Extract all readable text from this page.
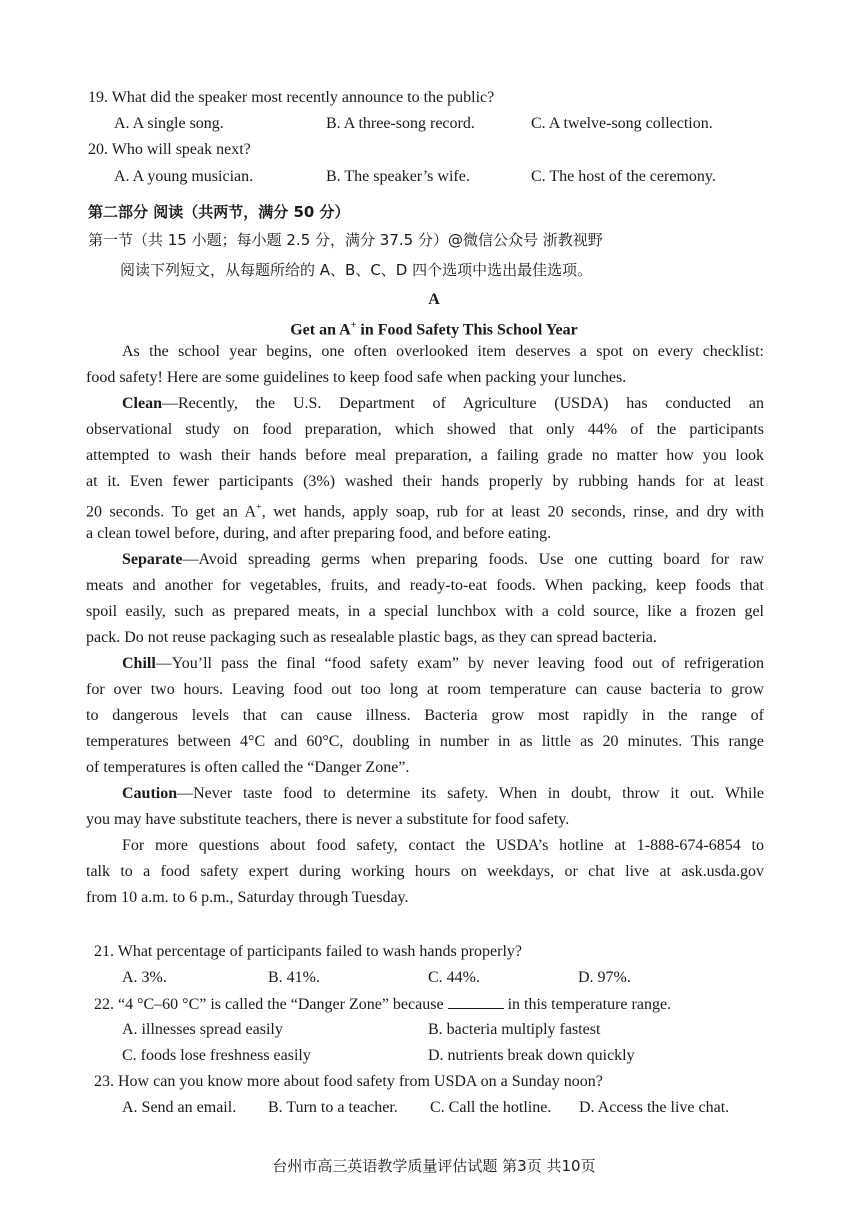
19. What did the speaker most recently announce to the public?
A. A single song.	B. A three-song record.	C. A twelve-song collection.
20. Who will speak next?
A. A young musician.	B. The speaker’s wife.	C. The host of the ceremony.
第二部分 阅读（共两节，满分 50 分）
第一节（共 15 小题；每小题 2.5 分，满分 37.5 分）@微信公众号 浙教视野
阅读下列短文，从每题所给的 A、B、C、D 四个选项中选出最佳选项。
A
Get an A+ in Food Safety This School Year
As the school year begins, one often overlooked item deserves a spot on every checklist:
food safety! Here are some guidelines to keep food safe when packing your lunches.
Clean—Recently, the U.S. Department of Agriculture (USDA) has conducted an
observational study on food preparation, which showed that only 44% of the participants
attempted to wash their hands before meal preparation, a failing grade no matter how you look
at it. Even fewer participants (3%) washed their hands properly by rubbing hands for at least
20 seconds. To get an A+, wet hands, apply soap, rub for at least 20 seconds, rinse, and dry with
a clean towel before, during, and after preparing food, and before eating.
Separate—Avoid spreading germs when preparing foods. Use one cutting board for raw
meats and another for vegetables, fruits, and ready-to-eat foods. When packing, keep foods that
spoil easily, such as prepared meats, in a special lunchbox with a cold source, like a frozen gel
pack. Do not reuse packaging such as resealable plastic bags, as they can spread bacteria.
Chill—You’ll pass the final “food safety exam” by never leaving food out of refrigeration
for over two hours. Leaving food out too long at room temperature can cause bacteria to grow
to dangerous levels that can cause illness. Bacteria grow most rapidly in the range of
temperatures between 4°C and 60°C, doubling in number in as little as 20 minutes. This range
of temperatures is often called the “Danger Zone”.
Caution—Never taste food to determine its safety. When in doubt, throw it out. While
you may have substitute teachers, there is never a substitute for food safety.
For more questions about food safety, contact the USDA’s hotline at 1-888-674-6854 to
talk to a food safety expert during working hours on weekdays, or chat live at ask.usda.gov
from 10 a.m. to 6 p.m., Saturday through Tuesday.
21. What percentage of participants failed to wash hands properly?
A. 3%.	B. 41%.	C. 44%.	D. 97%.
22. “4 °C–60 °C” is called the “Danger Zone” because	in this temperature range.
A. illnesses spread easily	B. bacteria multiply fastest
C. foods lose freshness easily	D. nutrients break down quickly
23. How can you know more about food safety from USDA on a Sunday noon?
A. Send an email. B. Turn to a teacher. C. Call the hotline. D. Access the live chat.
台州市高三英语教学质量评估试题 第3页 共10页
